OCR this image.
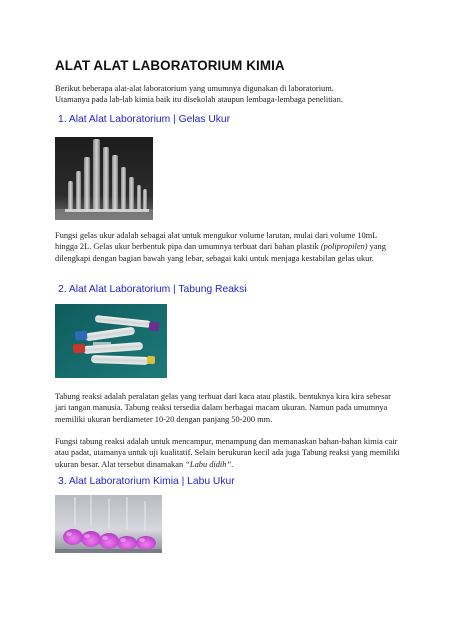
ALAT ALAT LABORATORIUM KIMIA

Berikut beberapa alat-alat laboratorium yang umumnya digunakan di laboratorium.
Utamanya pada lab-lab kimia baik itu disekolah ataupun lembaga-lembaga penelitian.

1. Alat Alat Laboratorium | Gelas Ukur

Fungsi gelas ukur adalah sebagai alat untuk mengukur volume larutan, mulai dari volume 10mL hingga 2L. Gelas ukur berbentuk pipa dan umumnya terbuat dari bahan plastik (polipropilen) yang dilengkapi dengan bagian bawah yang lebar, sebagai kaki untuk menjaga kestabilan gelas ukur.

2. Alat Alat Laboratorium | Tabung Reaksi

Tabung reaksi adalah peralatan gelas yang terbuat dari kaca atau plastik. bentuknya kira kira sebesar jari tangan manusia. Tabung reaksi tersedia dalam berbagai macam ukuran. Namun pada umumnya memiliki ukuran berdiameter 10-20 dengan panjang 50-200 mm.

Fungsi tabung reaksi adalah untuk mencampur, menampung dan memanaskan bahan-bahan kimia cair atau padat, utamanya untuk uji kualitatif. Selain berukuran kecil ada juga Tabung reaksi yang memiliki ukuran besar. Alat tersebut dinamakan “Labu didih”.

3. Alat Laboratorium Kimia | Labu Ukur
